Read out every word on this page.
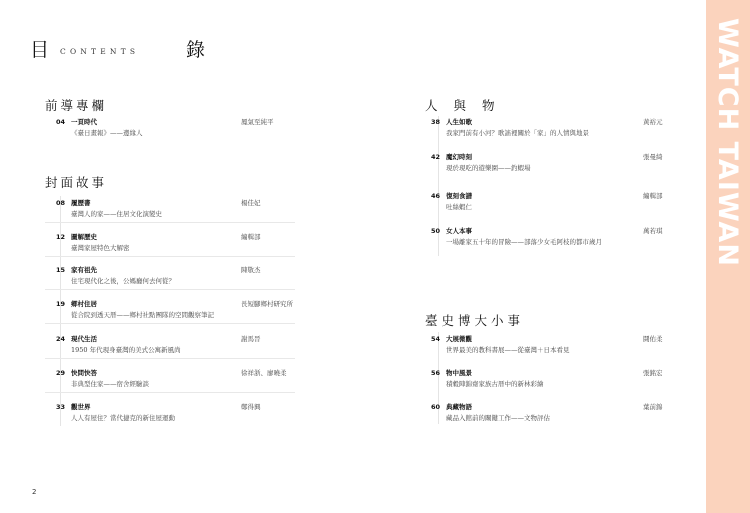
目 CONTENTS 錄
前導專欄
04 一頁時代
《臺日畫報》——邊緣人
鳳氣至純平
封面故事
08 履歷書
臺灣人的家——住居文化演變史
楊佳妃
12 圖解歷史
臺灣家屋特色大解密
編輯部
15 家有祖先
住宅現代化之後，公媽廳何去何從？
陳敬杰
19 鄉村住居
從合院到透天厝——鄉村社點團隊的空間觀察筆記
長短腳鄉村研究所
24 現代生活
1950 年代現身臺灣的美式公寓新風尚
謝馬晉
29 快問快答
非典型住家——宿舍經驗談
徐祥浙、廖曉柔
33 觀世界
人人有屋住？當代捷克的新住屋運動
鄭得興
人 與 物
38 人生如歌
我家門前有小河？歌謠裡關於「家」的人情與地景
黃裕元
42 魔幻時刻
現於現吃的遊樂園——釣蝦場
張曼綺
46 復刻食譜
吐絲蝦仁
編輯部
50 女人本事
一場離家五十年的冒險——部落少女毛阿枝的都市歲月
萬若琪
臺史博大小事
54 大展微觀
世界最美的教科書展——從臺灣＋日本看見
鬪佑柔
56 物中風景
積穀陣錦齋家族古厝中的新林彩繪
張銘宏
60 典藏物語
藏品入館前的關鍵工作——文物評估
葉前錦
2
WATCH TAIWAN
